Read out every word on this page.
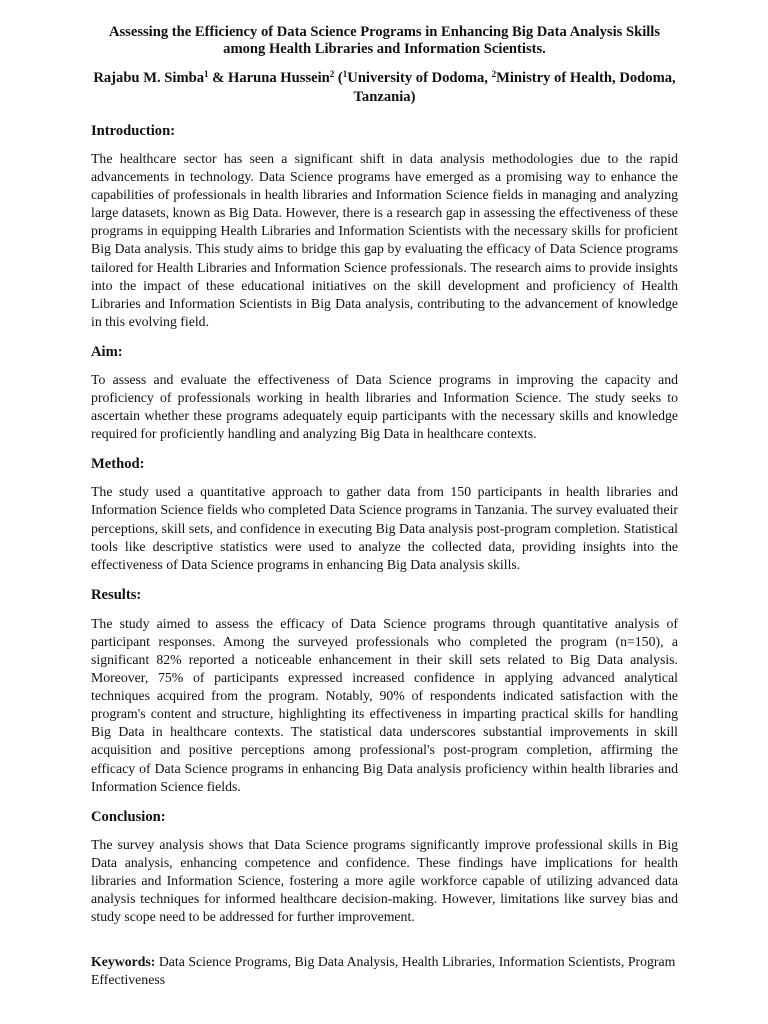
Assessing the Efficiency of Data Science Programs in Enhancing Big Data Analysis Skills among Health Libraries and Information Scientists.

Rajabu M. Simba$^1$ & Haruna Hussein$^2$ ($^1$University of Dodoma, $^2$Ministry of Health, Dodoma, Tanzania)

Introduction:

The healthcare sector has seen a significant shift in data analysis methodologies due to the rapid advancements in technology. Data Science programs have emerged as a promising way to enhance the capabilities of professionals in health libraries and Information Science fields in managing and analyzing large datasets, known as Big Data. However, there is a research gap in assessing the effectiveness of these programs in equipping Health Libraries and Information Scientists with the necessary skills for proficient Big Data analysis. This study aims to bridge this gap by evaluating the efficacy of Data Science programs tailored for Health Libraries and Information Science professionals. The research aims to provide insights into the impact of these educational initiatives on the skill development and proficiency of Health Libraries and Information Scientists in Big Data analysis, contributing to the advancement of knowledge in this evolving field.

Aim:

To assess and evaluate the effectiveness of Data Science programs in improving the capacity and proficiency of professionals working in health libraries and Information Science. The study seeks to ascertain whether these programs adequately equip participants with the necessary skills and knowledge required for proficiently handling and analyzing Big Data in healthcare contexts.

Method:

The study used a quantitative approach to gather data from 150 participants in health libraries and Information Science fields who completed Data Science programs in Tanzania. The survey evaluated their perceptions, skill sets, and confidence in executing Big Data analysis post-program completion. Statistical tools like descriptive statistics were used to analyze the collected data, providing insights into the effectiveness of Data Science programs in enhancing Big Data analysis skills.

Results:

The study aimed to assess the efficacy of Data Science programs through quantitative analysis of participant responses. Among the surveyed professionals who completed the program (n=150), a significant 82% reported a noticeable enhancement in their skill sets related to Big Data analysis. Moreover, 75% of participants expressed increased confidence in applying advanced analytical techniques acquired from the program. Notably, 90% of respondents indicated satisfaction with the program's content and structure, highlighting its effectiveness in imparting practical skills for handling Big Data in healthcare contexts. The statistical data underscores substantial improvements in skill acquisition and positive perceptions among professional's post-program completion, affirming the efficacy of Data Science programs in enhancing Big Data analysis proficiency within health libraries and Information Science fields.

Conclusion:

The survey analysis shows that Data Science programs significantly improve professional skills in Big Data analysis, enhancing competence and confidence. These findings have implications for health libraries and Information Science, fostering a more agile workforce capable of utilizing advanced data analysis techniques for informed healthcare decision-making. However, limitations like survey bias and study scope need to be addressed for further improvement.

Keywords: Data Science Programs, Big Data Analysis, Health Libraries, Information Scientists, Program Effectiveness
